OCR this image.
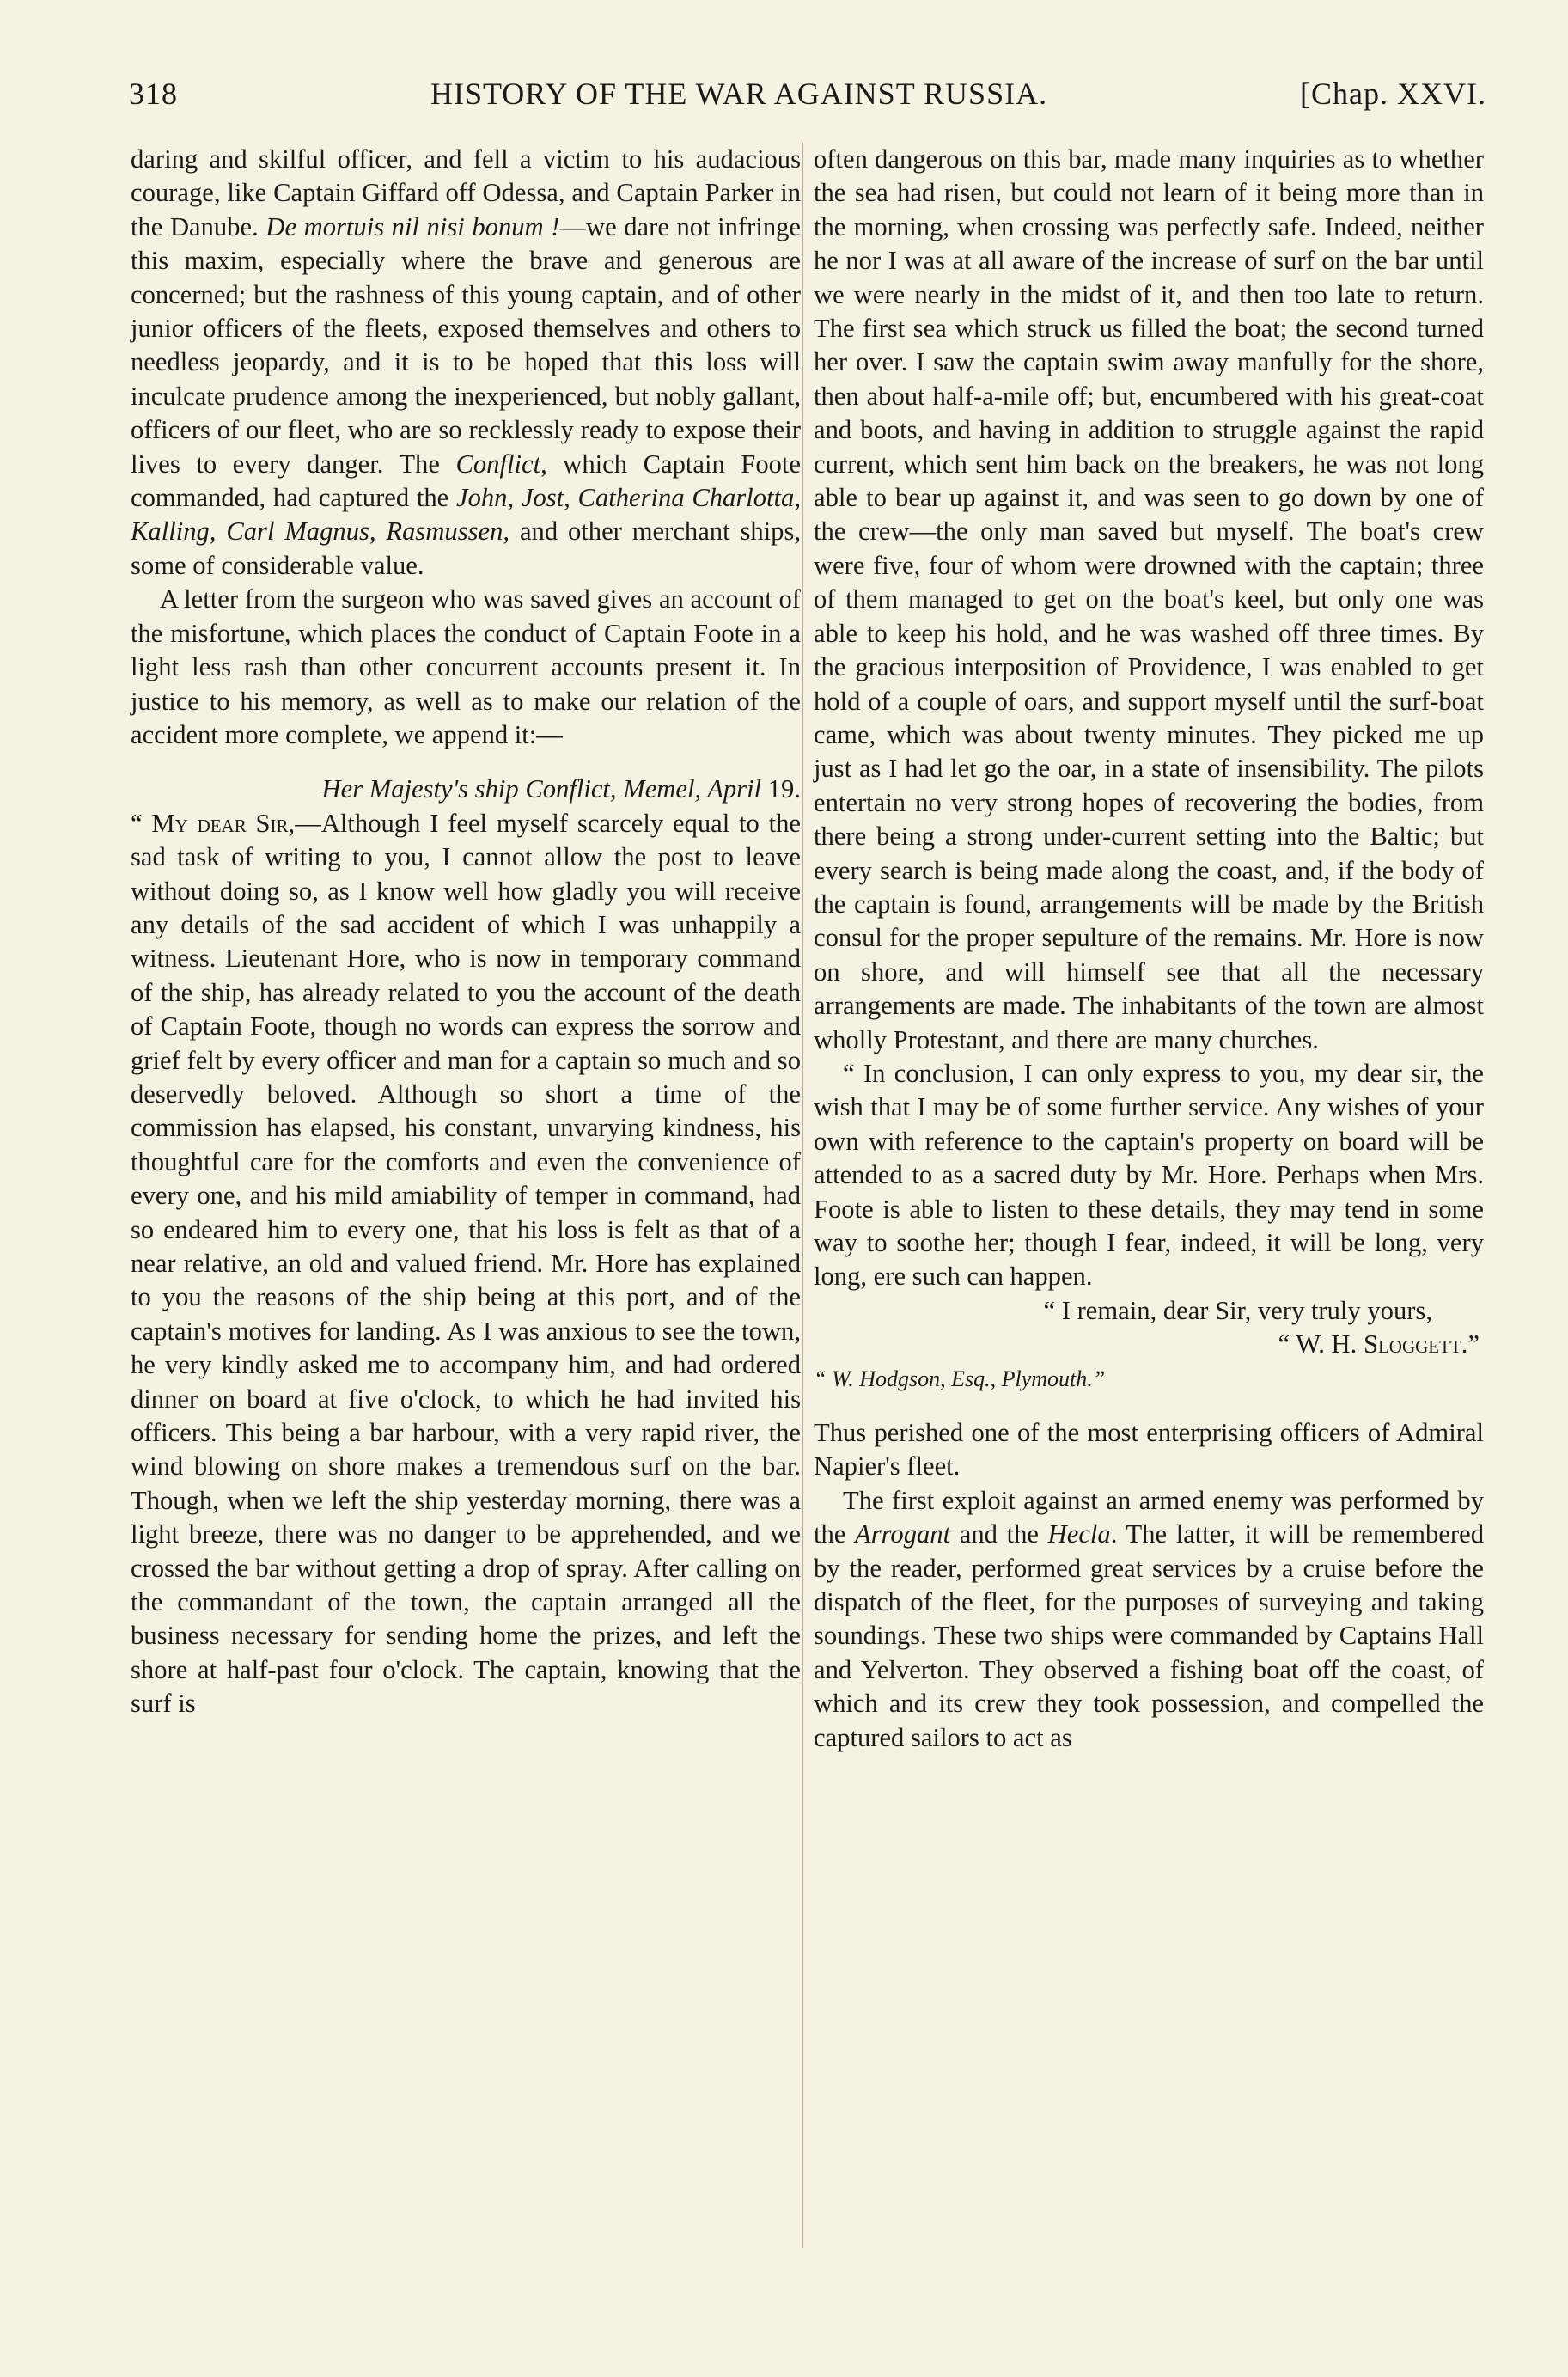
318	HISTORY OF THE WAR AGAINST RUSSIA.	[Chap. XXVI.

daring and skilful officer, and fell a victim to his audacious courage, like Captain Giffard off Odessa, and Captain Parker in the Danube. De mortuis nil nisi bonum !—we dare not infringe this maxim, especially where the brave and generous are concerned; but the rashness of this young captain, and of other junior officers of the fleets, exposed themselves and others to needless jeopardy, and it is to be hoped that this loss will inculcate prudence among the inexperienced, but nobly gallant, officers of our fleet, who are so recklessly ready to expose their lives to every danger. The Conflict, which Captain Foote commanded, had captured the John, Jost, Catherina Charlotta, Kalling, Carl Magnus, Rasmussen, and other merchant ships, some of considerable value.

A letter from the surgeon who was saved gives an account of the misfortune, which places the conduct of Captain Foote in a light less rash than other concurrent accounts present it. In justice to his memory, as well as to make our relation of the accident more complete, we append it:—

Her Majesty's ship Conflict, Memel, April 19.

“ My dear Sir,—Although I feel myself scarcely equal to the sad task of writing to you, I cannot allow the post to leave without doing so, as I know well how gladly you will receive any details of the sad accident of which I was unhappily a witness. Lieutenant Hore, who is now in temporary command of the ship, has already related to you the account of the death of Captain Foote, though no words can express the sorrow and grief felt by every officer and man for a captain so much and so deservedly beloved. Although so short a time of the commission has elapsed, his constant, unvarying kindness, his thoughtful care for the comforts and even the convenience of every one, and his mild amiability of temper in command, had so endeared him to every one, that his loss is felt as that of a near relative, an old and valued friend. Mr. Hore has explained to you the reasons of the ship being at this port, and of the captain's motives for landing. As I was anxious to see the town, he very kindly asked me to accompany him, and had ordered dinner on board at five o'clock, to which he had invited his officers. This being a bar harbour, with a very rapid river, the wind blowing on shore makes a tremendous surf on the bar. Though, when we left the ship yesterday morning, there was a light breeze, there was no danger to be apprehended, and we crossed the bar without getting a drop of spray. After calling on the commandant of the town, the captain arranged all the business necessary for sending home the prizes, and left the shore at half-past four o'clock. The captain, knowing that the surf is

often dangerous on this bar, made many inquiries as to whether the sea had risen, but could not learn of it being more than in the morning, when crossing was perfectly safe. Indeed, neither he nor I was at all aware of the increase of surf on the bar until we were nearly in the midst of it, and then too late to return. The first sea which struck us filled the boat; the second turned her over. I saw the captain swim away manfully for the shore, then about half-a-mile off; but, encumbered with his great-coat and boots, and having in addition to struggle against the rapid current, which sent him back on the breakers, he was not long able to bear up against it, and was seen to go down by one of the crew—the only man saved but myself. The boat's crew were five, four of whom were drowned with the captain; three of them managed to get on the boat's keel, but only one was able to keep his hold, and he was washed off three times. By the gracious interposition of Providence, I was enabled to get hold of a couple of oars, and support myself until the surf-boat came, which was about twenty minutes. They picked me up just as I had let go the oar, in a state of insensibility. The pilots entertain no very strong hopes of recovering the bodies, from there being a strong under-current setting into the Baltic; but every search is being made along the coast, and, if the body of the captain is found, arrangements will be made by the British consul for the proper sepulture of the remains. Mr. Hore is now on shore, and will himself see that all the necessary arrangements are made. The inhabitants of the town are almost wholly Protestant, and there are many churches.

“ In conclusion, I can only express to you, my dear sir, the wish that I may be of some further service. Any wishes of your own with reference to the captain's property on board will be attended to as a sacred duty by Mr. Hore. Perhaps when Mrs. Foote is able to listen to these details, they may tend in some way to soothe her; though I fear, indeed, it will be long, very long, ere such can happen.

“ I remain, dear Sir, very truly yours,

“ W. H. Sloggett.”

“ W. Hodgson, Esq., Plymouth.”

Thus perished one of the most enterprising officers of Admiral Napier's fleet.

The first exploit against an armed enemy was performed by the Arrogant and the Hecla. The latter, it will be remembered by the reader, performed great services by a cruise before the dispatch of the fleet, for the purposes of surveying and taking soundings. These two ships were commanded by Captains Hall and Yelverton. They observed a fishing boat off the coast, of which and its crew they took possession, and compelled the captured sailors to act as
